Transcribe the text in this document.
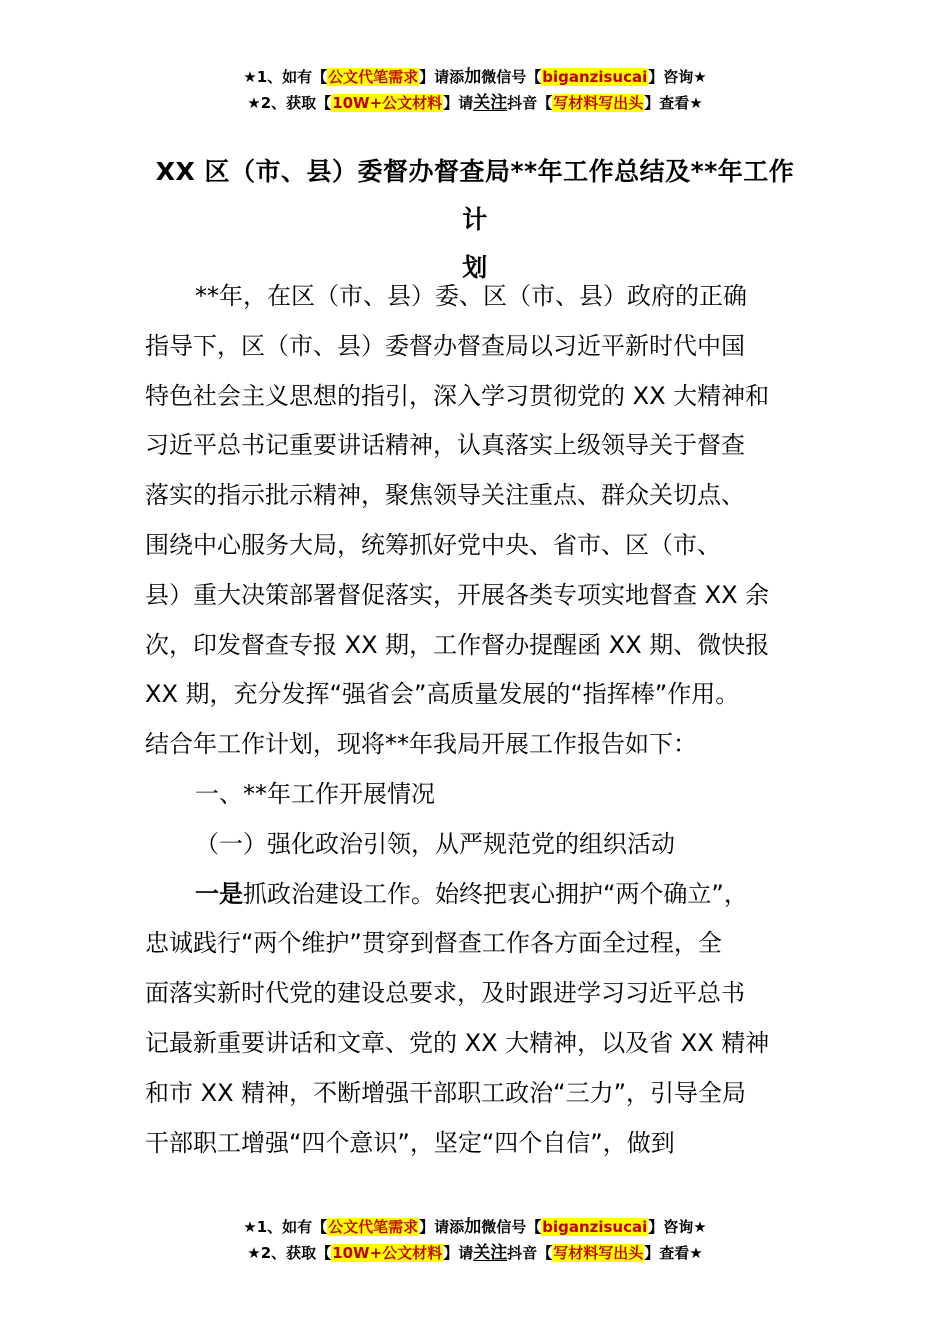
★1、如有【公文代笔需求】请添加微信号【biganzisucai】咨询★
★2、获取【10W+公文材料】请关注抖音【写材料写出头】查看★
XX 区（市、县）委督办督查局**年工作总结及**年工作计
划
**年，在区（市、县）委、区（市、县）政府的正确
指导下，区（市、县）委督办督查局以习近平新时代中国
特色社会主义思想的指引，深入学习贯彻党的 XX 大精神和
习近平总书记重要讲话精神，认真落实上级领导关于督查
落实的指示批示精神，聚焦领导关注重点、群众关切点、
围绕中心服务大局，统筹抓好党中央、省市、区（市、
县）重大决策部署督促落实，开展各类专项实地督查 XX 余
次，印发督查专报 XX 期，工作督办提醒函 XX 期、微快报
XX 期，充分发挥“强省会”高质量发展的“指挥棒”作用。
结合年工作计划，现将**年我局开展工作报告如下：
一、**年工作开展情况
（一）强化政治引领，从严规范党的组织活动
一是抓政治建设工作。始终把衷心拥护“两个确立”，
忠诚践行“两个维护”贯穿到督查工作各方面全过程，全
面落实新时代党的建设总要求，及时跟进学习习近平总书
记最新重要讲话和文章、党的 XX 大精神，以及省 XX 精神
和市 XX 精神，不断增强干部职工政治“三力”，引导全局
干部职工增强“四个意识”，坚定“四个自信”，做到
★1、如有【公文代笔需求】请添加微信号【biganzisucai】咨询★
★2、获取【10W+公文材料】请关注抖音【写材料写出头】查看★
